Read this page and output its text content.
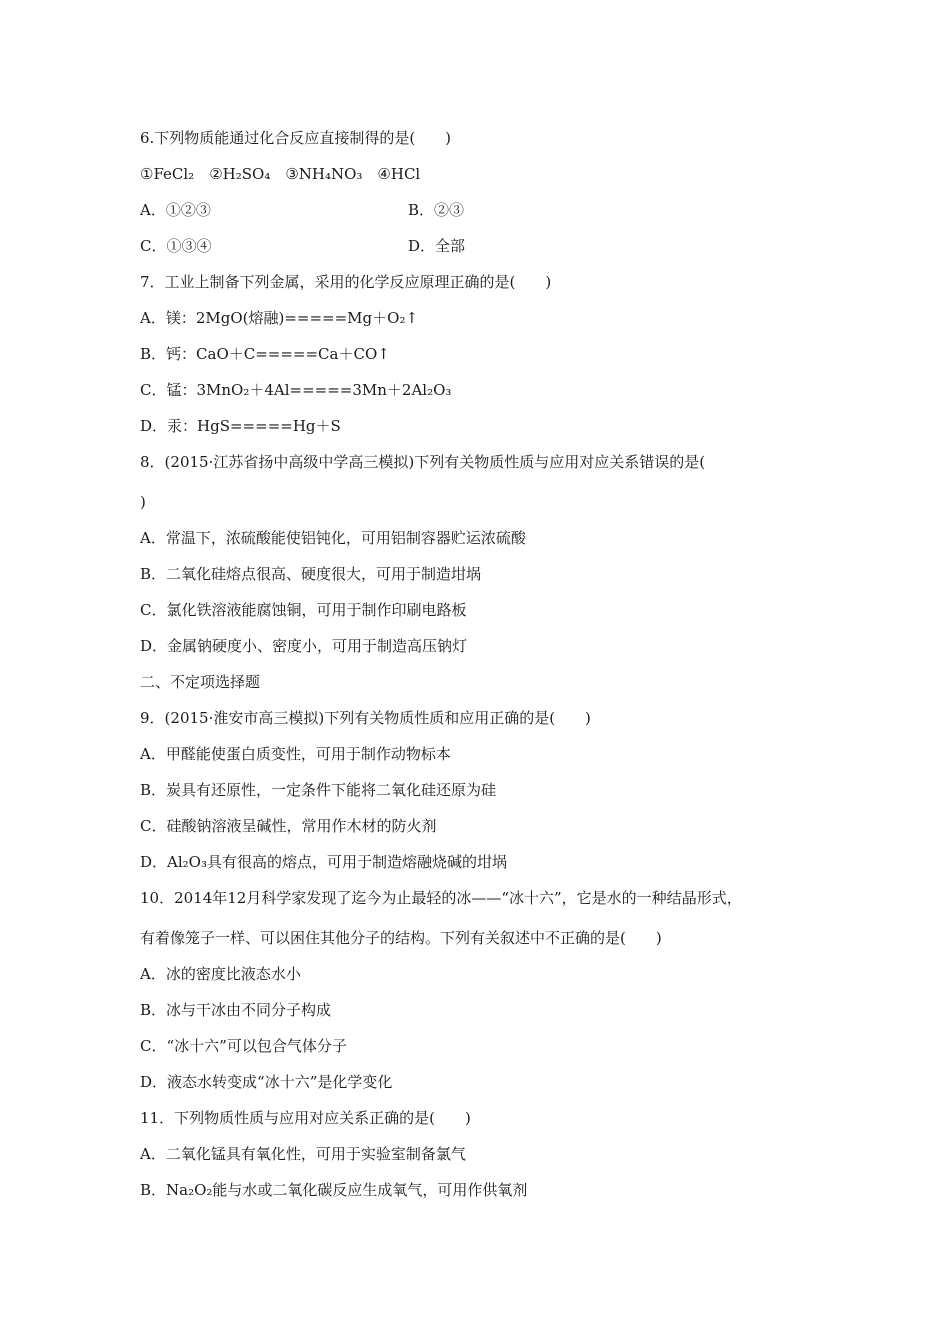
6.下列物质能通过化合反应直接制得的是(　　)
①FeCl₂　②H₂SO₄　③NH₄NO₃　④HCl
A．①②③	B．②③
C．①③④	D．全部
7．工业上制备下列金属，采用的化学反应原理正确的是(　　)
A．镁：2MgO(熔融)=====Mg＋O₂↑
B．钙：CaO＋C=====Ca＋CO↑
C．锰：3MnO₂＋4Al=====3Mn＋2Al₂O₃
D．汞：HgS=====Hg＋S
8．(2015·江苏省扬中高级中学高三模拟)下列有关物质性质与应用对应关系错误的是(
)
A．常温下，浓硫酸能使铝钝化，可用铝制容器贮运浓硫酸
B．二氧化硅熔点很高、硬度很大，可用于制造坩埚
C．氯化铁溶液能腐蚀铜，可用于制作印刷电路板
D．金属钠硬度小、密度小，可用于制造高压钠灯
二、不定项选择题
9．(2015·淮安市高三模拟)下列有关物质性质和应用正确的是(　　)
A．甲醛能使蛋白质变性，可用于制作动物标本
B．炭具有还原性，一定条件下能将二氧化硅还原为硅
C．硅酸钠溶液呈碱性，常用作木材的防火剂
D．Al₂O₃具有很高的熔点，可用于制造熔融烧碱的坩埚
10．2014年12月科学家发现了迄今为止最轻的冰——“冰十六”，它是水的一种结晶形式，
有着像笼子一样、可以困住其他分子的结构。下列有关叙述中不正确的是(　　)
A．冰的密度比液态水小
B．冰与干冰由不同分子构成
C．“冰十六”可以包合气体分子
D．液态水转变成“冰十六”是化学变化
11．下列物质性质与应用对应关系正确的是(　　)
A．二氧化锰具有氧化性，可用于实验室制备氯气
B．Na₂O₂能与水或二氧化碳反应生成氧气，可用作供氧剂
